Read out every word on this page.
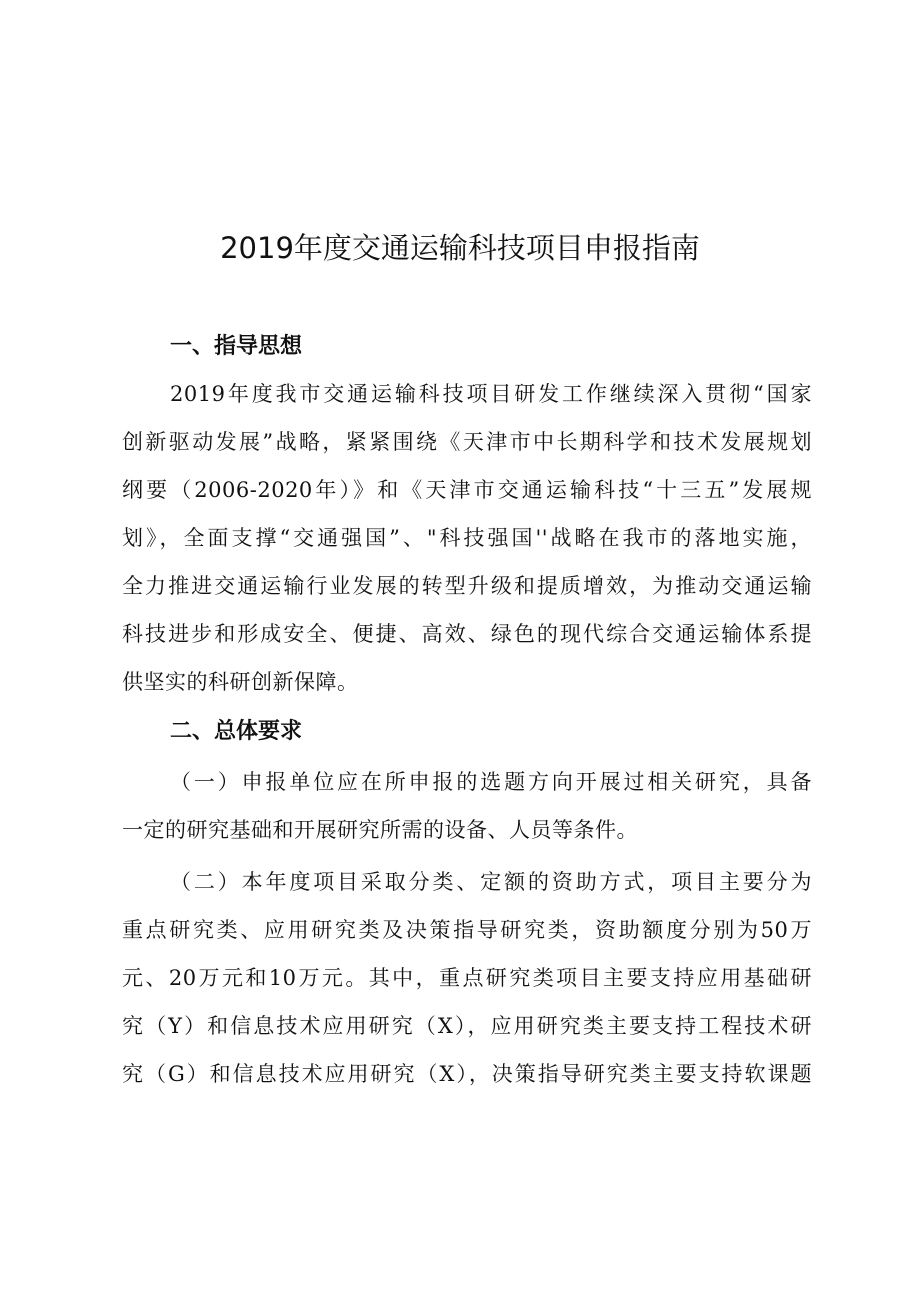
2019年度交通运输科技项目申报指南
一、指导思想
2019年度我市交通运输科技项目研发工作继续深入贯彻“国家
创新驱动发展”战略，紧紧围绕《天津市中长期科学和技术发展规划
纲要（2006-2020年）》和《天津市交通运输科技“十三五”发展规
划》，全面支撑“交通强国”、"科技强国''战略在我市的落地实施，
全力推进交通运输行业发展的转型升级和提质增效，为推动交通运输
科技进步和形成安全、便捷、高效、绿色的现代综合交通运输体系提
供坚实的科研创新保障。
二、总体要求
（一）申报单位应在所申报的选题方向开展过相关研究，具备
一定的研究基础和开展研究所需的设备、人员等条件。
（二）本年度项目采取分类、定额的资助方式，项目主要分为
重点研究类、应用研究类及决策指导研究类，资助额度分别为50万
元、20万元和10万元。其中，重点研究类项目主要支持应用基础研
究（Y）和信息技术应用研究（X），应用研究类主要支持工程技术研
究（G）和信息技术应用研究（X），决策指导研究类主要支持软课题
